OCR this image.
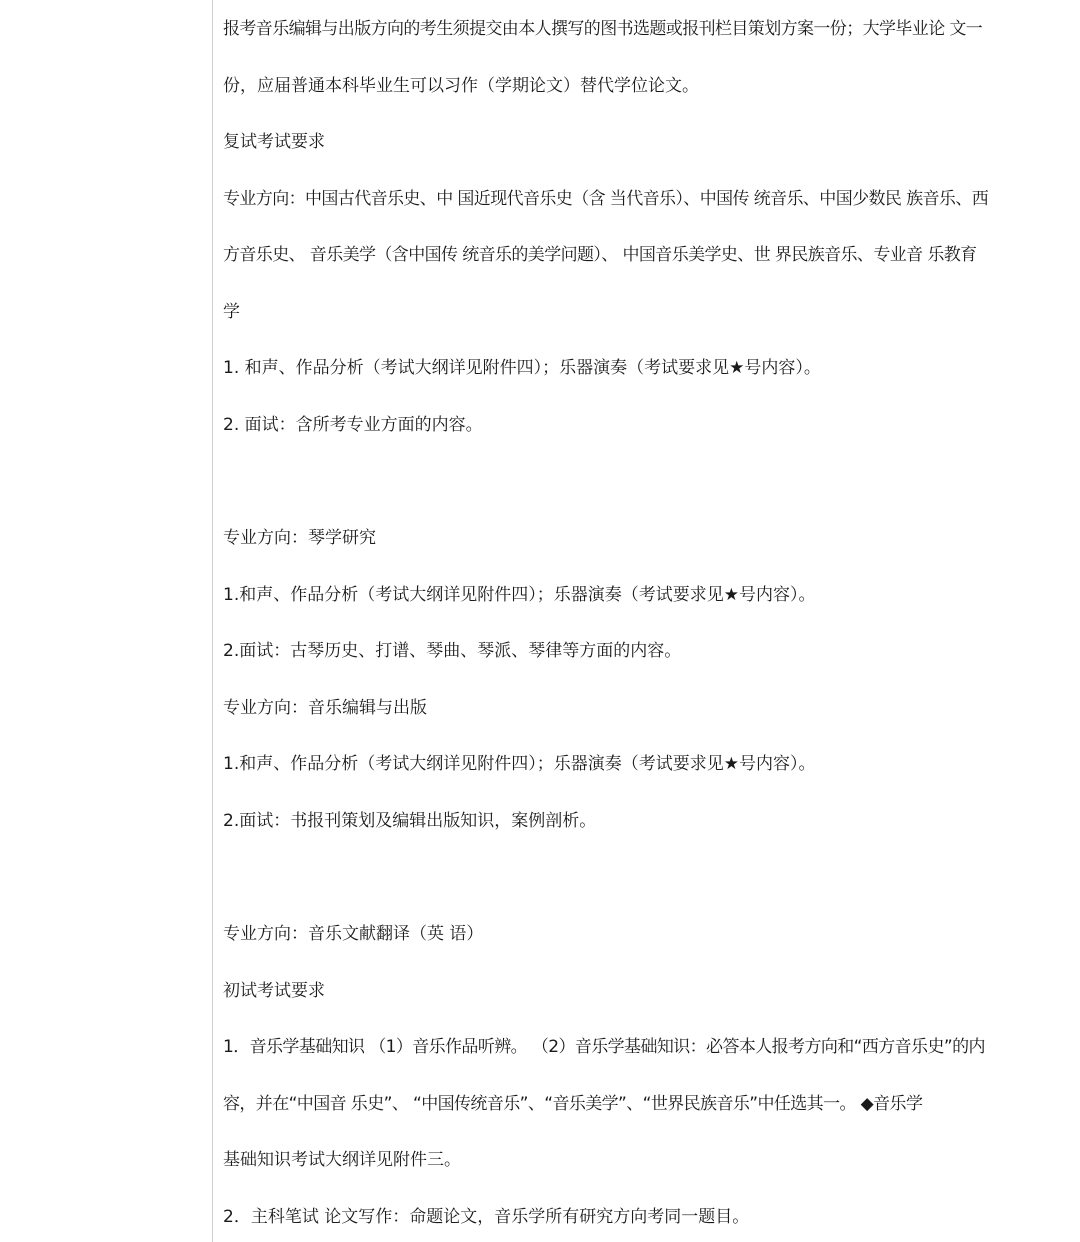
报考音乐编辑与出版方向的考生须提交由本人撰写的图书选题或报刊栏目策划方案一份；大学毕业论 文一
份，应届普通本科毕业生可以习作（学期论文）替代学位论文。
复试考试要求
专业方向：中国古代音乐史、中 国近现代音乐史（含 当代音乐）、中国传 统音乐、中国少数民 族音乐、西
方音乐史、 音乐美学（含中国传 统音乐的美学问题）、 中国音乐美学史、世 界民族音乐、专业音 乐教育
学
1. 和声、作品分析（考试大纲详见附件四）；乐器演奏（考试要求见★号内容）。
2. 面试：含所考专业方面的内容。
专业方向：琴学研究
1.和声、作品分析（考试大纲详见附件四）；乐器演奏（考试要求见★号内容）。
2.面试：古琴历史、打谱、琴曲、琴派、琴律等方面的内容。
专业方向：音乐编辑与出版
1.和声、作品分析（考试大纲详见附件四）；乐器演奏（考试要求见★号内容）。
2.面试：书报刊策划及编辑出版知识，案例剖析。
专业方向：音乐文献翻译（英 语）
初试考试要求
1．音乐学基础知识 （1）音乐作品听辨。 （2）音乐学基础知识：必答本人报考方向和“西方音乐史”的内
容，并在“中国音 乐史”、 “中国传统音乐”、“音乐美学”、“世界民族音乐”中任选其一。 ◆音乐学
基础知识考试大纲详见附件三。
2．主科笔试 论文写作：命题论文，音乐学所有研究方向考同一题目。
